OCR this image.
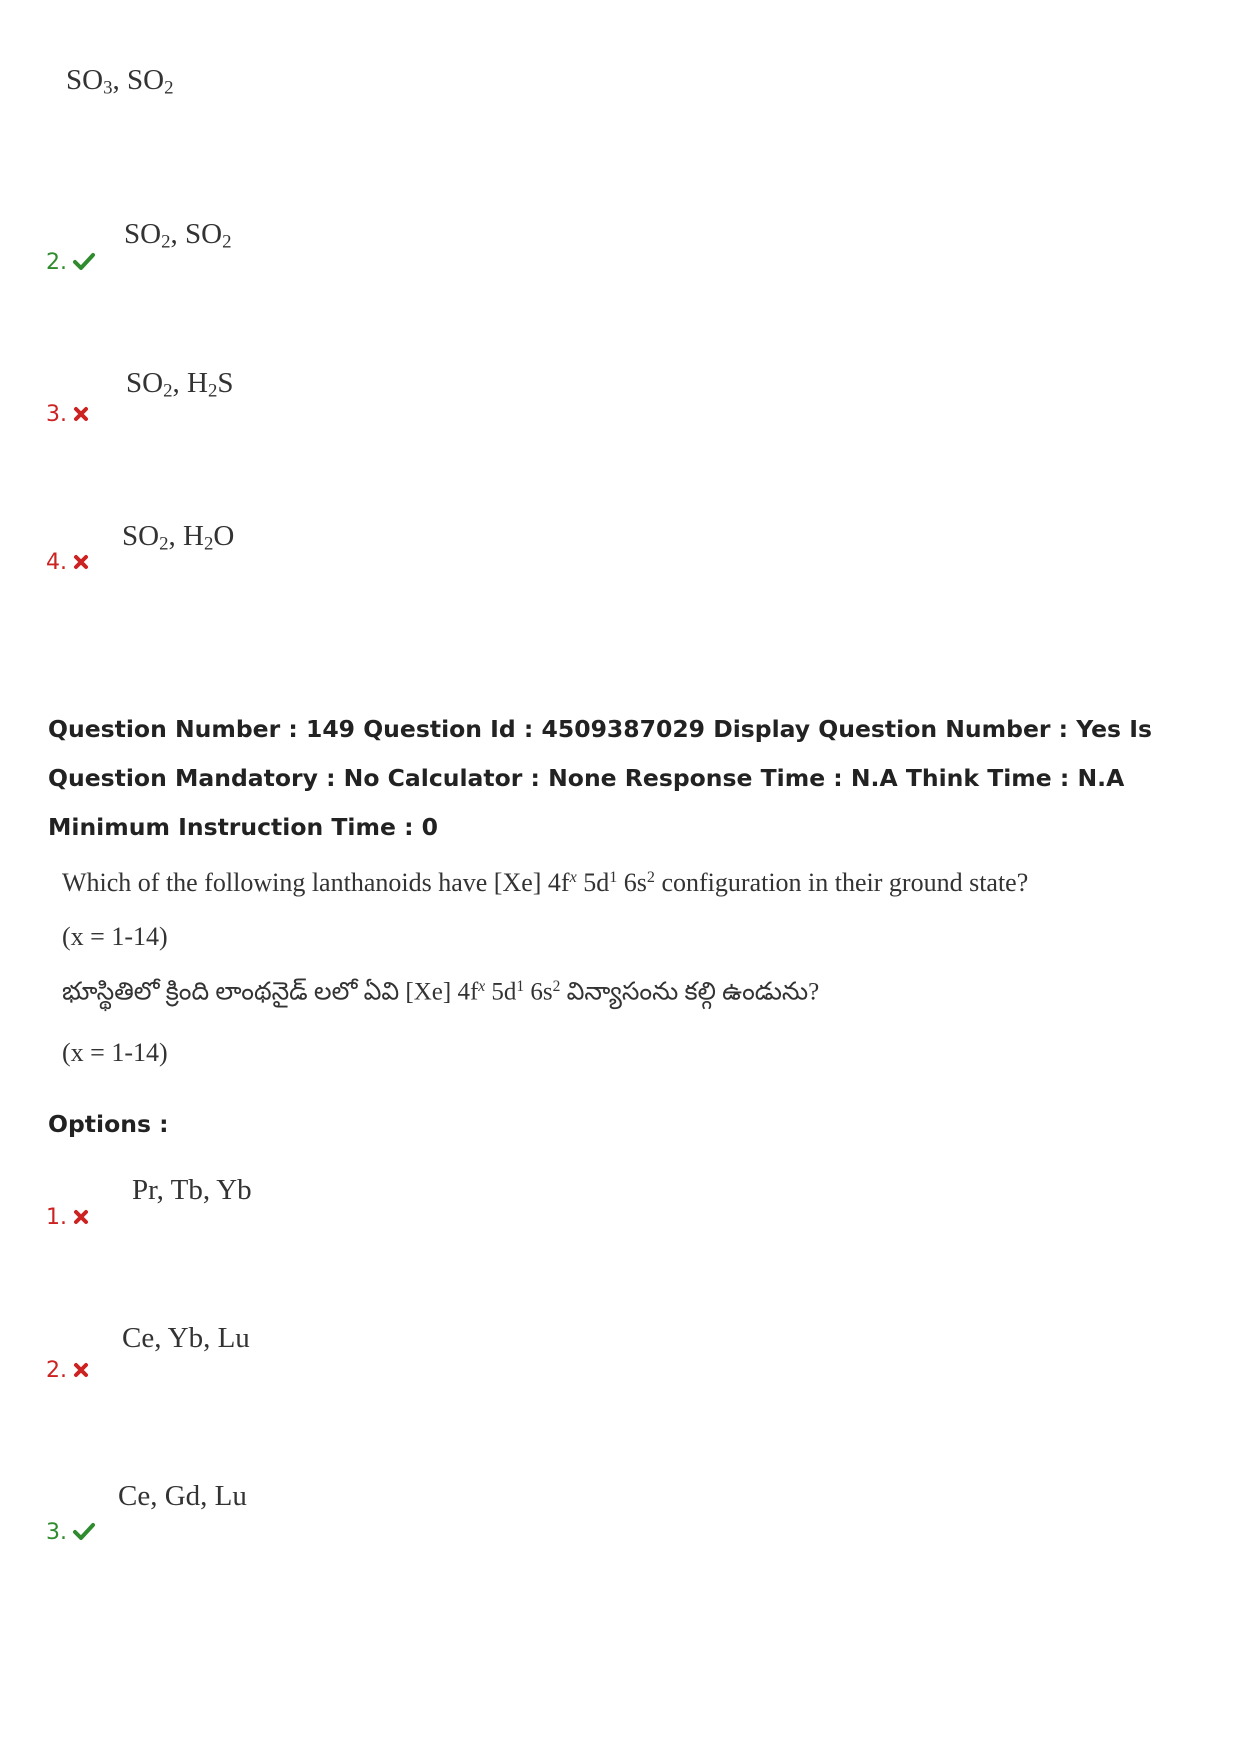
$SO_3$, $SO_2$
2.
$SO_2$, $SO_2$
3.
$SO_2$, $H_2S$
4.
$SO_2$, $H_2O$
Question Number : 149 Question Id : 4509387029 Display Question Number : Yes Is Question Mandatory : No Calculator : None Response Time : N.A Think Time : N.A Minimum Instruction Time : 0
Which of the following lanthanoids have [Xe] $4f^x$ $5d^1$ $6s^2$ configuration in their ground state?
(x = 1-14)
భూస్థితిలో క్రింది లాంథనైడ్ లలో ఏవి [Xe] $4f^x$ $5d^1$ $6s^2$ విన్యాసంను కల్గి ఉండును?
(x = 1-14)
Options :
1.
Pr, Tb, Yb
2.
Ce, Yb, Lu
3.
Ce, Gd, Lu
